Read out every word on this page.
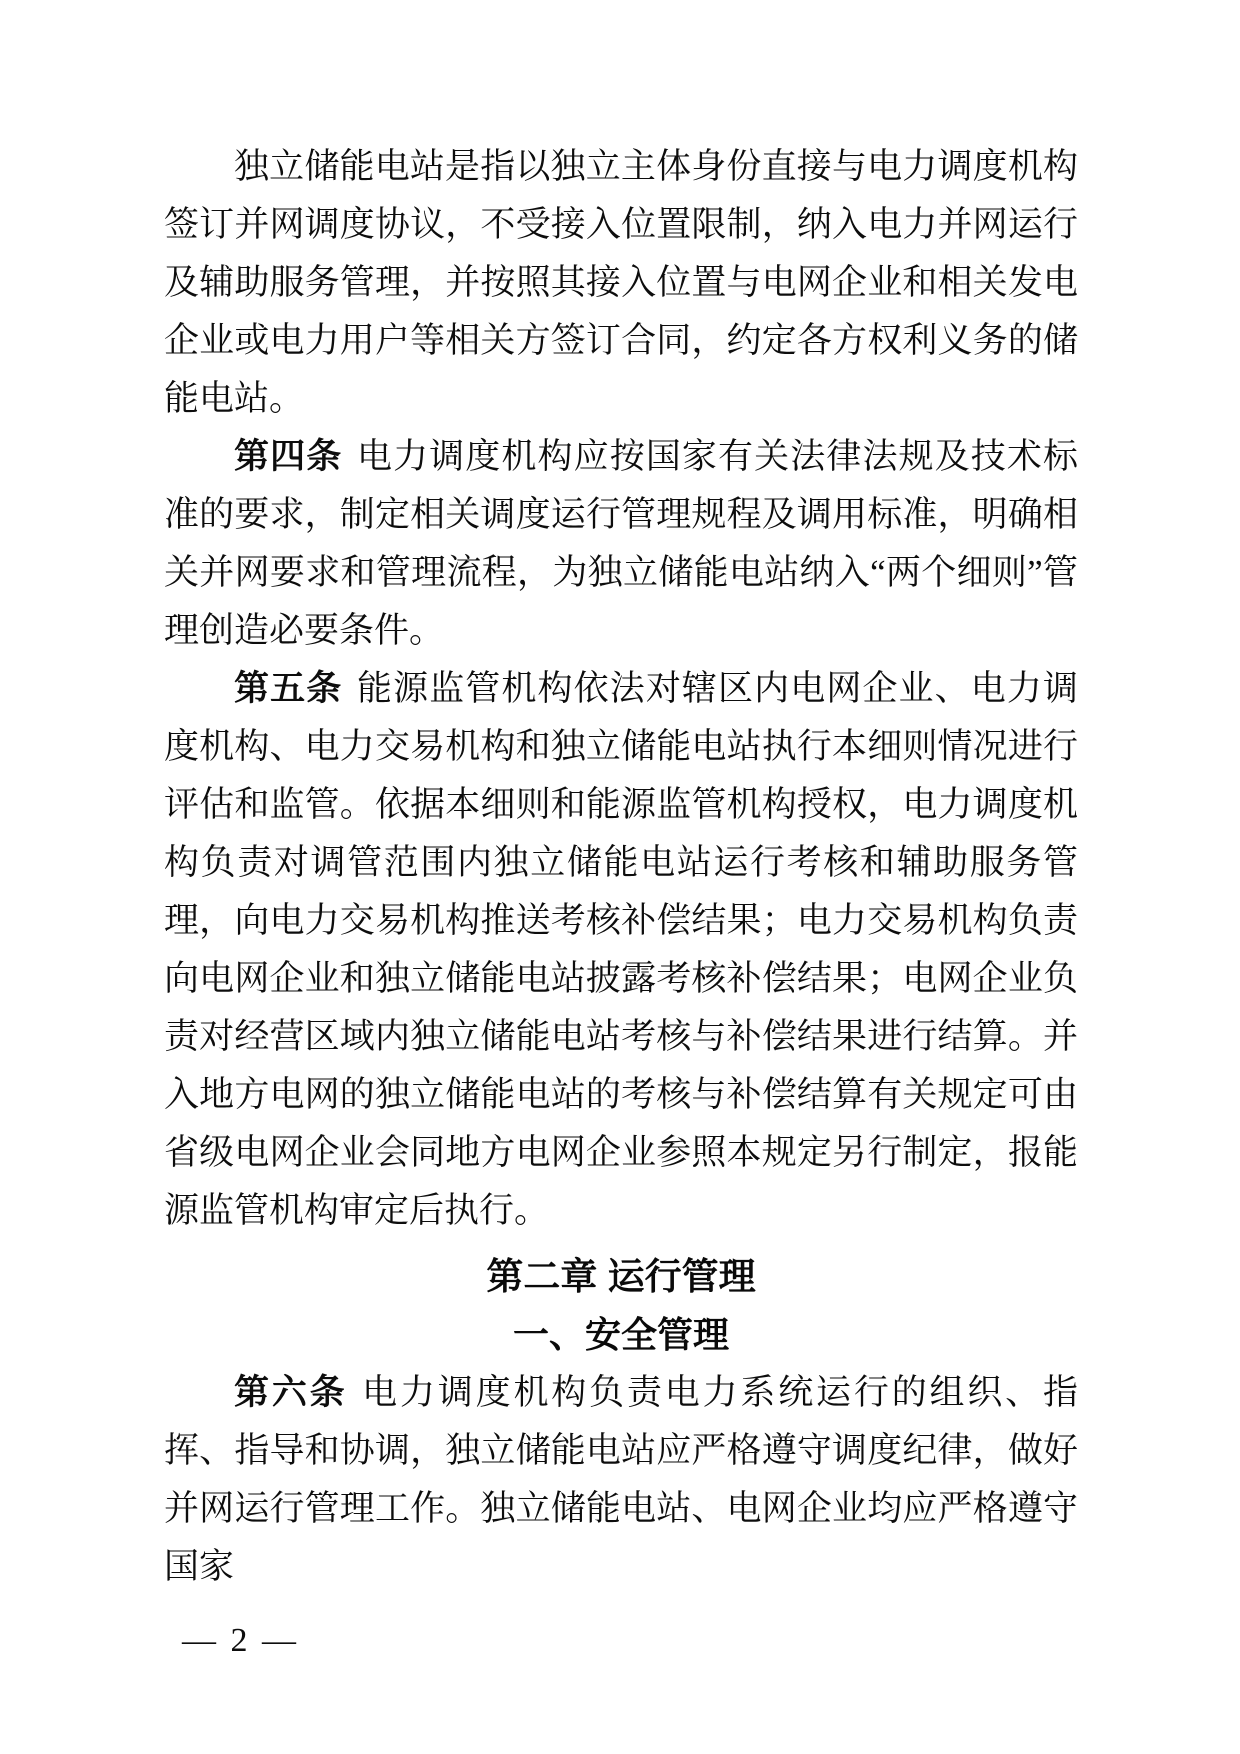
独立储能电站是指以独立主体身份直接与电力调度机构签订并网调度协议，不受接入位置限制，纳入电力并网运行及辅助服务管理，并按照其接入位置与电网企业和相关发电企业或电力用户等相关方签订合同，约定各方权利义务的储能电站。

第四条 电力调度机构应按国家有关法律法规及技术标准的要求，制定相关调度运行管理规程及调用标准，明确相关并网要求和管理流程，为独立储能电站纳入“两个细则”管理创造必要条件。

第五条 能源监管机构依法对辖区内电网企业、电力调度机构、电力交易机构和独立储能电站执行本细则情况进行评估和监管。依据本细则和能源监管机构授权，电力调度机构负责对调管范围内独立储能电站运行考核和辅助服务管理，向电力交易机构推送考核补偿结果；电力交易机构负责向电网企业和独立储能电站披露考核补偿结果；电网企业负责对经营区域内独立储能电站考核与补偿结果进行结算。并入地方电网的独立储能电站的考核与补偿结算有关规定可由省级电网企业会同地方电网企业参照本规定另行制定，报能源监管机构审定后执行。

第二章 运行管理
一、安全管理

第六条 电力调度机构负责电力系统运行的组织、指挥、指导和协调，独立储能电站应严格遵守调度纪律，做好并网运行管理工作。独立储能电站、电网企业均应严格遵守国家

— 2 —
